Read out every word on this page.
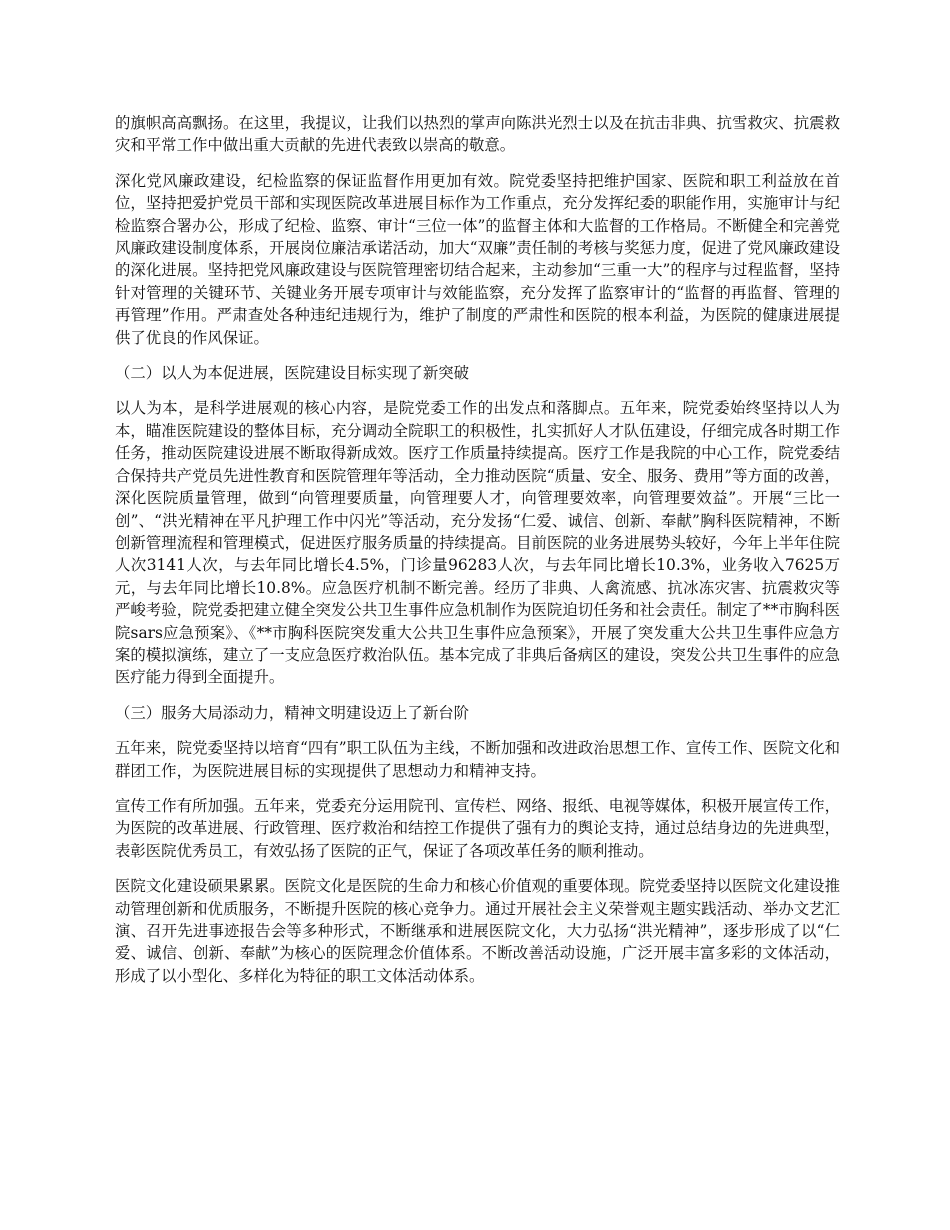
的旗帜高高飘扬。在这里，我提议，让我们以热烈的掌声向陈洪光烈士以及在抗击非典、抗雪救灾、抗震救灾和平常工作中做出重大贡献的先进代表致以崇高的敬意。

深化党风廉政建设，纪检监察的保证监督作用更加有效。院党委坚持把维护国家、医院和职工利益放在首位，坚持把爱护党员干部和实现医院改革进展目标作为工作重点，充分发挥纪委的职能作用，实施审计与纪检监察合署办公，形成了纪检、监察、审计“三位一体”的监督主体和大监督的工作格局。不断健全和完善党风廉政建设制度体系，开展岗位廉洁承诺活动，加大“双廉”责任制的考核与奖惩力度，促进了党风廉政建设的深化进展。坚持把党风廉政建设与医院管理密切结合起来，主动参加“三重一大”的程序与过程监督，坚持针对管理的关键环节、关键业务开展专项审计与效能监察，充分发挥了监察审计的“监督的再监督、管理的再管理”作用。严肃查处各种违纪违规行为，维护了制度的严肃性和医院的根本利益，为医院的健康进展提供了优良的作风保证。

（二）以人为本促进展，医院建设目标实现了新突破

以人为本，是科学进展观的核心内容，是院党委工作的出发点和落脚点。五年来，院党委始终坚持以人为本，瞄准医院建设的整体目标，充分调动全院职工的积极性，扎实抓好人才队伍建设，仔细完成各时期工作任务，推动医院建设进展不断取得新成效。医疗工作质量持续提高。医疗工作是我院的中心工作，院党委结合保持共产党员先进性教育和医院管理年等活动，全力推动医院“质量、安全、服务、费用”等方面的改善，深化医院质量管理，做到“向管理要质量，向管理要人才，向管理要效率，向管理要效益”。开展“三比一创”、“洪光精神在平凡护理工作中闪光”等活动，充分发扬“仁爱、诚信、创新、奉献”胸科医院精神，不断创新管理流程和管理模式，促进医疗服务质量的持续提高。目前医院的业务进展势头较好，今年上半年住院人次3141人次，与去年同比增长4.5%，门诊量96283人次，与去年同比增长10.3%，业务收入7625万元，与去年同比增长10.8%。应急医疗机制不断完善。经历了非典、人禽流感、抗冰冻灾害、抗震救灾等严峻考验，院党委把建立健全突发公共卫生事件应急机制作为医院迫切任务和社会责任。制定了**市胸科医院sars应急预案》、《**市胸科医院突发重大公共卫生事件应急预案》，开展了突发重大公共卫生事件应急方案的模拟演练，建立了一支应急医疗救治队伍。基本完成了非典后备病区的建设，突发公共卫生事件的应急医疗能力得到全面提升。

（三）服务大局添动力，精神文明建设迈上了新台阶

五年来，院党委坚持以培育“四有”职工队伍为主线，不断加强和改进政治思想工作、宣传工作、医院文化和群团工作，为医院进展目标的实现提供了思想动力和精神支持。

宣传工作有所加强。五年来，党委充分运用院刊、宣传栏、网络、报纸、电视等媒体，积极开展宣传工作，为医院的改革进展、行政管理、医疗救治和结控工作提供了强有力的舆论支持，通过总结身边的先进典型，表彰医院优秀员工，有效弘扬了医院的正气，保证了各项改革任务的顺利推动。

医院文化建设硕果累累。医院文化是医院的生命力和核心价值观的重要体现。院党委坚持以医院文化建设推动管理创新和优质服务，不断提升医院的核心竞争力。通过开展社会主义荣誉观主题实践活动、举办文艺汇演、召开先进事迹报告会等多种形式，不断继承和进展医院文化，大力弘扬“洪光精神”，逐步形成了以“仁爱、诚信、创新、奉献”为核心的医院理念价值体系。不断改善活动设施，广泛开展丰富多彩的文体活动，形成了以小型化、多样化为特征的职工文体活动体系。
